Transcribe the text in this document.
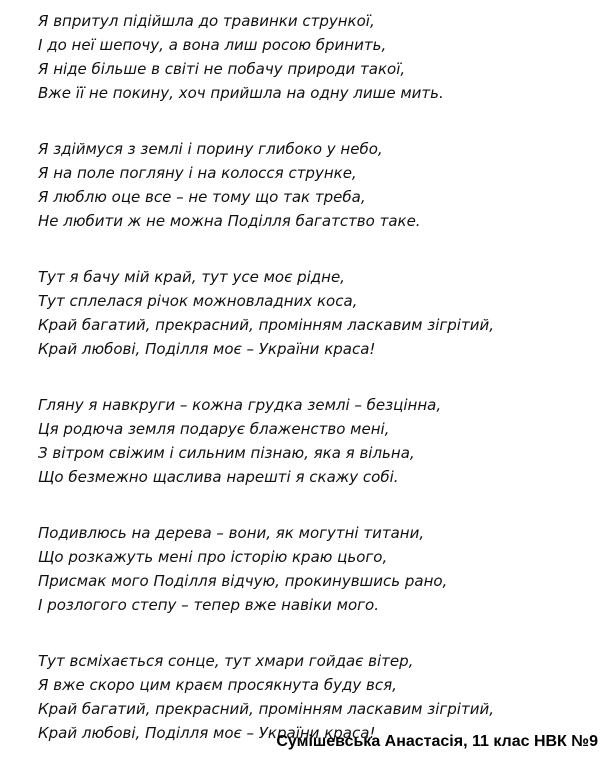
Я впритул підійшла до травинки стрункої,
І до неї шепочу, а вона лиш росою бринить,
Я ніде більше в світі не побачу природи такої,
Вже її не покину, хоч прийшла на одну лише мить.
Я здіймуся з землі і порину глибоко у небо,
Я на поле погляну і на колосся струнке,
Я люблю оце все – не тому що так треба,
Не любити ж не можна Поділля багатство таке.
Тут я бачу мій край, тут усе моє рідне,
Тут сплелася річок можновладних коса,
Край багатий, прекрасний, промінням ласкавим зігрітий,
Край любові, Поділля моє – України краса!
Гляну я навкруги – кожна грудка землі – безцінна,
Ця родюча земля подарує блаженство мені,
З вітром свіжим і сильним пізнаю, яка я вільна,
Що безмежно щаслива нарешті я скажу собі.
Подивлюсь на дерева – вони, як могутні титани,
Що розкажуть мені про історію краю цього,
Присмак мого Поділля відчую, прокинувшись рано,
І розлогого степу – тепер вже навіки мого.
Тут всміхається сонце, тут хмари гойдає вітер,
Я вже скоро цим краєм просякнута буду вся,
Край багатий, прекрасний, промінням ласкавим зігрітий,
Край любові, Поділля моє – України краса!
Сумішевська Анастасія, 11 клас НВК №9
